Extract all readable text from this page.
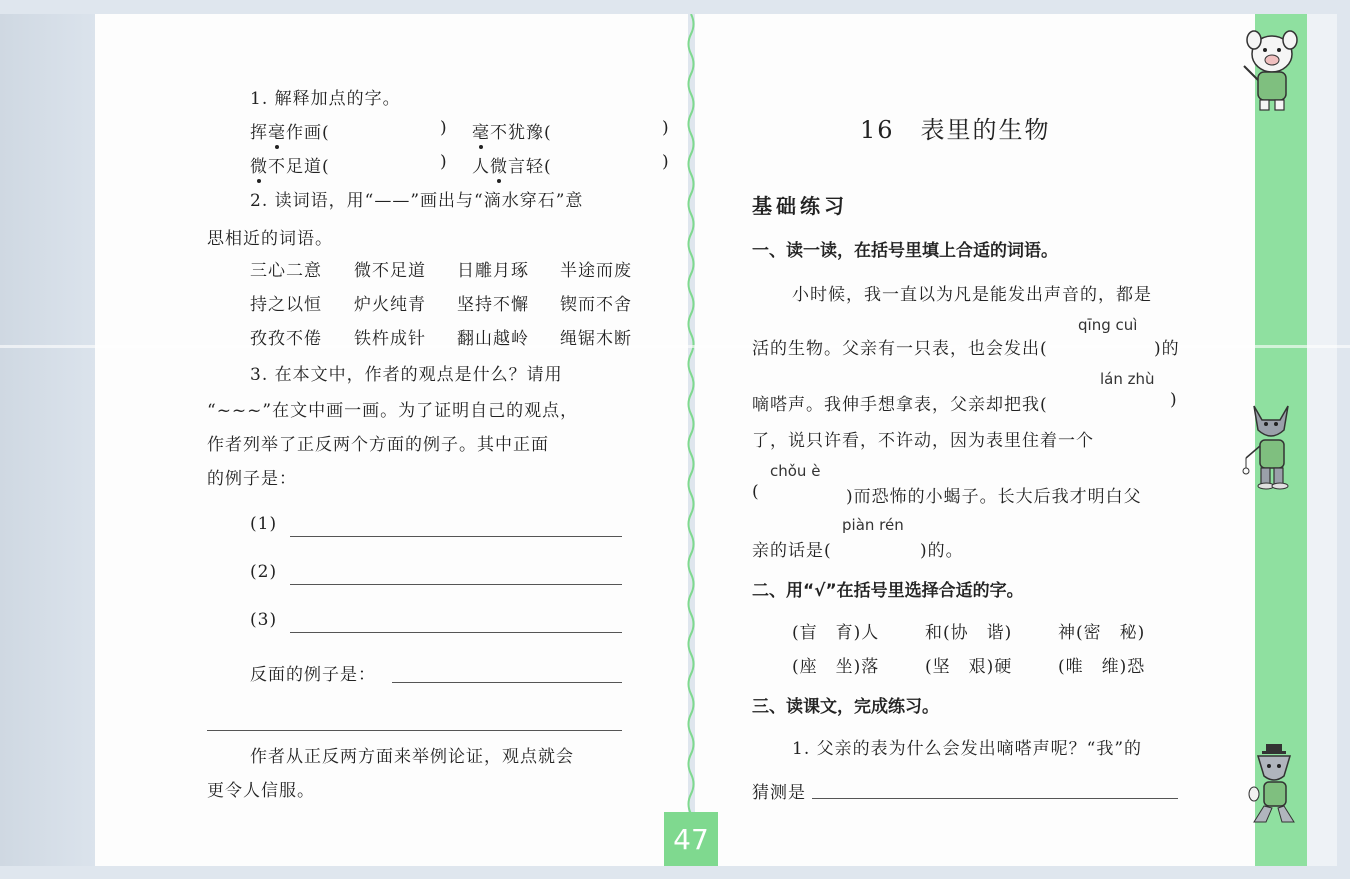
1. 解释加点的字。
挥毫作画(	) 毫不犹豫(	)
微不足道(	) 人微言轻(	)
2. 读词语，用“——”画出与“滴水穿石”意
思相近的词语。
三心二意 微不足道 日雕月琢 半途而废
持之以恒 炉火纯青 坚持不懈 锲而不舍
孜孜不倦 铁杵成针 翻山越岭 绳锯木断
3. 在本文中，作者的观点是什么？请用
“~~~”在文中画一画。为了证明自己的观点，
作者列举了正反两个方面的例子。其中正面
的例子是：
(1)
(2)
(3)
反面的例子是：
作者从正反两方面来举例论证，观点就会
更令人信服。
47
16　表里的生物
基础练习
一、读一读，在括号里填上合适的词语。
小时候，我一直以为凡是能发出声音的，都是
qīng cuì
活的生物。父亲有一只表，也会发出(	)的
lán zhù
嘀嗒声。我伸手想拿表，父亲却把我(	)
了，说只许看，不许动，因为表里住着一个
chǒu è
(	)而恐怖的小蝎子。长大后我才明白父
piàn rén
亲的话是(	)的。
二、用“√”在括号里选择合适的字。
(盲　育)人	和(协　谐)	神(密　秘)
(座　坐)落	(坚　艰)硬	(唯　维)恐
三、读课文，完成练习。
1. 父亲的表为什么会发出嘀嗒声呢？“我”的
猜测是
